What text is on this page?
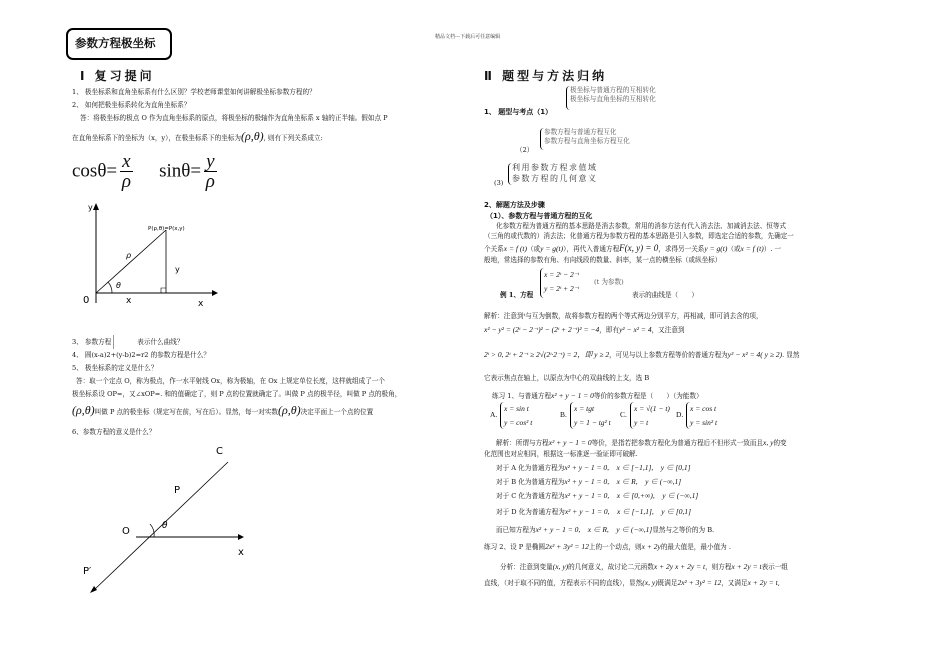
参数方程极坐标	精品文档---下载后可任意编辑
Ⅰ 复习提问
1、 极坐标系和直角坐标系有什么区别？学校老师课堂如何讲解极坐标参数方程的？
2、 如何把极坐标系转化为直角坐标系？
答：将极坐标的极点 O 作为直角坐标系的原点，将极坐标的极轴作为直角坐标系 x 轴的正半轴。假如点 P
在直角坐标系下的坐标为（x，y），在极坐标系下的坐标为(ρ,θ), 则有下列关系成立:
$\cos\theta= \frac{x}{\rho} \sin\theta= \frac{y}{\rho}$
y
x
0
P(ρ,θ)=P(x,y)
ρ
y
x
θ
3、 参数方程	表示什么曲线？
4、 圆(x-a)2+(y-b)2=r2 的参数方程是什么？
5、 极坐标系的定义是什么？
答：取一个定点 O，称为极点，作一水平射线 Ox，称为极轴，在 Ox 上规定单位长度，这样就组成了一个
极坐标系设 OP=，又∠xOP=. 和的值确定了，则 P 点的位置就确定了。叫做 P 点的极半径，叫做 P 点的极角，
(ρ,θ)叫做 P 点的极坐标（规定写在前，写在后）。显然，每一对实数(ρ,θ)决定平面上一个点的位置
6、参数方程的意义是什么？
C
P
O	θ
x
P′
Ⅱ 题型与方法归纳
极坐标与普通方程的互相转化
极坐标与直角坐标的互相转化
1、 题型与考点（1）
（2）
参数方程与普通方程互化
参数方程与直角坐标方程互化
(3)
利用参数方程求值域
参数方程的几何意义
2、解题方法及步骤
（1）、参数方程与普通方程的互化
化参数方程为普通方程的基本思路是消去参数，常用的消参方法有代入消去法、加减消去法、恒等式
（三角的或代数的）消去法；化普通方程为参数方程的基本思路是引入参数，即选定合适的参数，先确定一
个关系x = f (t)（或y = g(t)），再代入普通方程F(x, y) = 0，求得另一关系y = g(t)（或x = f (t)）. 一
般地，常选择的参数有角、有向线段的数量、斜率，某一点的横坐标（或纵坐标）
例 1、方程
x = 2ᵗ − 2⁻ᵗ
y = 2ᵗ + 2⁻ᵗ
(t 为参数)
表示的曲线是（　　）
解析：注意到ᵗ与互为倒数，故将参数方程的两个等式两边分别平方，再相减，即可消去含的项，
x² − y² = (2ᵗ − 2⁻ᵗ)² − (2ᵗ + 2⁻ᵗ)² = −4，即有y² − x² = 4，又注意到
2ᵗ > 0, 2ᵗ + 2⁻ᵗ ≥ 2√(2ᵗ·2⁻ᵗ) = 2，即 y ≥ 2，可见与以上参数方程等价的普通方程为y² − x² = 4( y ≥ 2). 显然
它表示焦点在轴上，以原点为中心的双曲线的上支，选 B
练习 1、与普通方程x² + y − 1 = 0等价的参数方程是（　　）（为能数）
A.
x = sin t
y = cos² t
B.
x = tgt
y = 1 − tg² t
C.
x = √(1 − t)
y = t
D.
x = cos t
y = sin² t
解析：所谓与方程x² + y − 1 = 0等价，是指若把参数方程化为普通方程后不但形式一致而且x, y的变
化范围也对应相同，根据这一标准逐一验证即可破解.
对于 A 化为普通方程为x² + y − 1 = 0,　x ∈ [−1,1],　y ∈ [0,1]
对于 B 化为普通方程为x² + y − 1 = 0,　x ∈ R,　y ∈ (−∞,1]
对于 C 化为普通方程为x² + y − 1 = 0,　x ∈ [0,+∞),　y ∈ (−∞,1]
对于 D 化为普通方程为x² + y − 1 = 0,　x ∈ [−1,1],　y ∈ [0,1]
而已知方程为x² + y − 1 = 0,　x ∈ R,　y ∈ (−∞,1]显然与之等价的为 B.
练习 2、设 P 是椭圆2x² + 3y² = 12上的一个动点，则x + 2y的最大值是，最小值为 .
分析：注意到变量(x, y)的几何意义，故讨论二元函数x + 2y x + 2y = t，则方程x + 2y = t表示一组
直线，（对于取不同的值，方程表示不同的直线），显然(x, y)既满足2x² + 3y² = 12，又满足x + 2y = t,
